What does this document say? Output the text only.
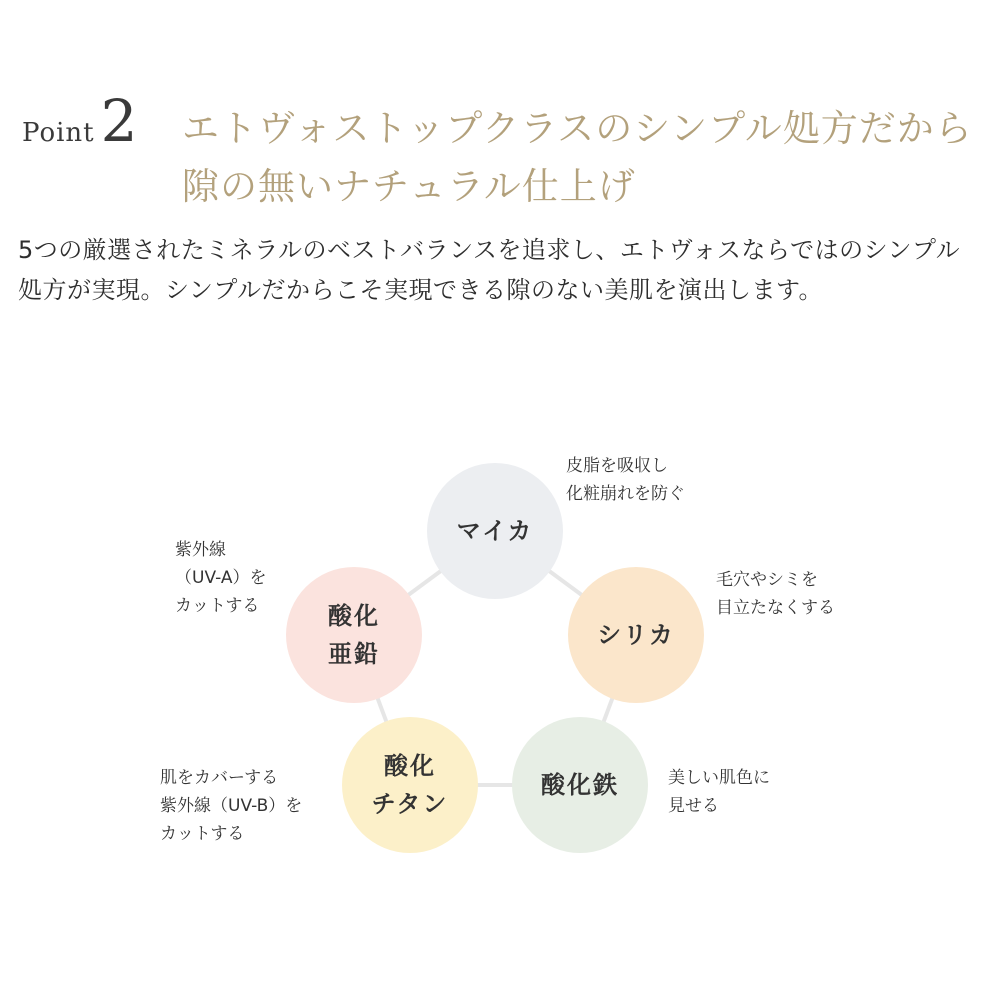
Point 2 エトヴォストップクラスのシンプル処方だから
隙の無いナチュラル仕上げ

5つの厳選されたミネラルのベストバランスを追求し、エトヴォスならではのシンプル処方が実現。シンプルだからこそ実現できる隙のない美肌を演出します。

マイカ

皮脂を吸収し
化粧崩れを防ぐ

シリカ

毛穴やシミを
目立たなくする

酸化鉄	美しい肌色に
見せる

酸化
チタン

肌をカバーする
紫外線（UV-B）を
カットする

酸化
亜鉛

紫外線
（UV-A）を
カットする
